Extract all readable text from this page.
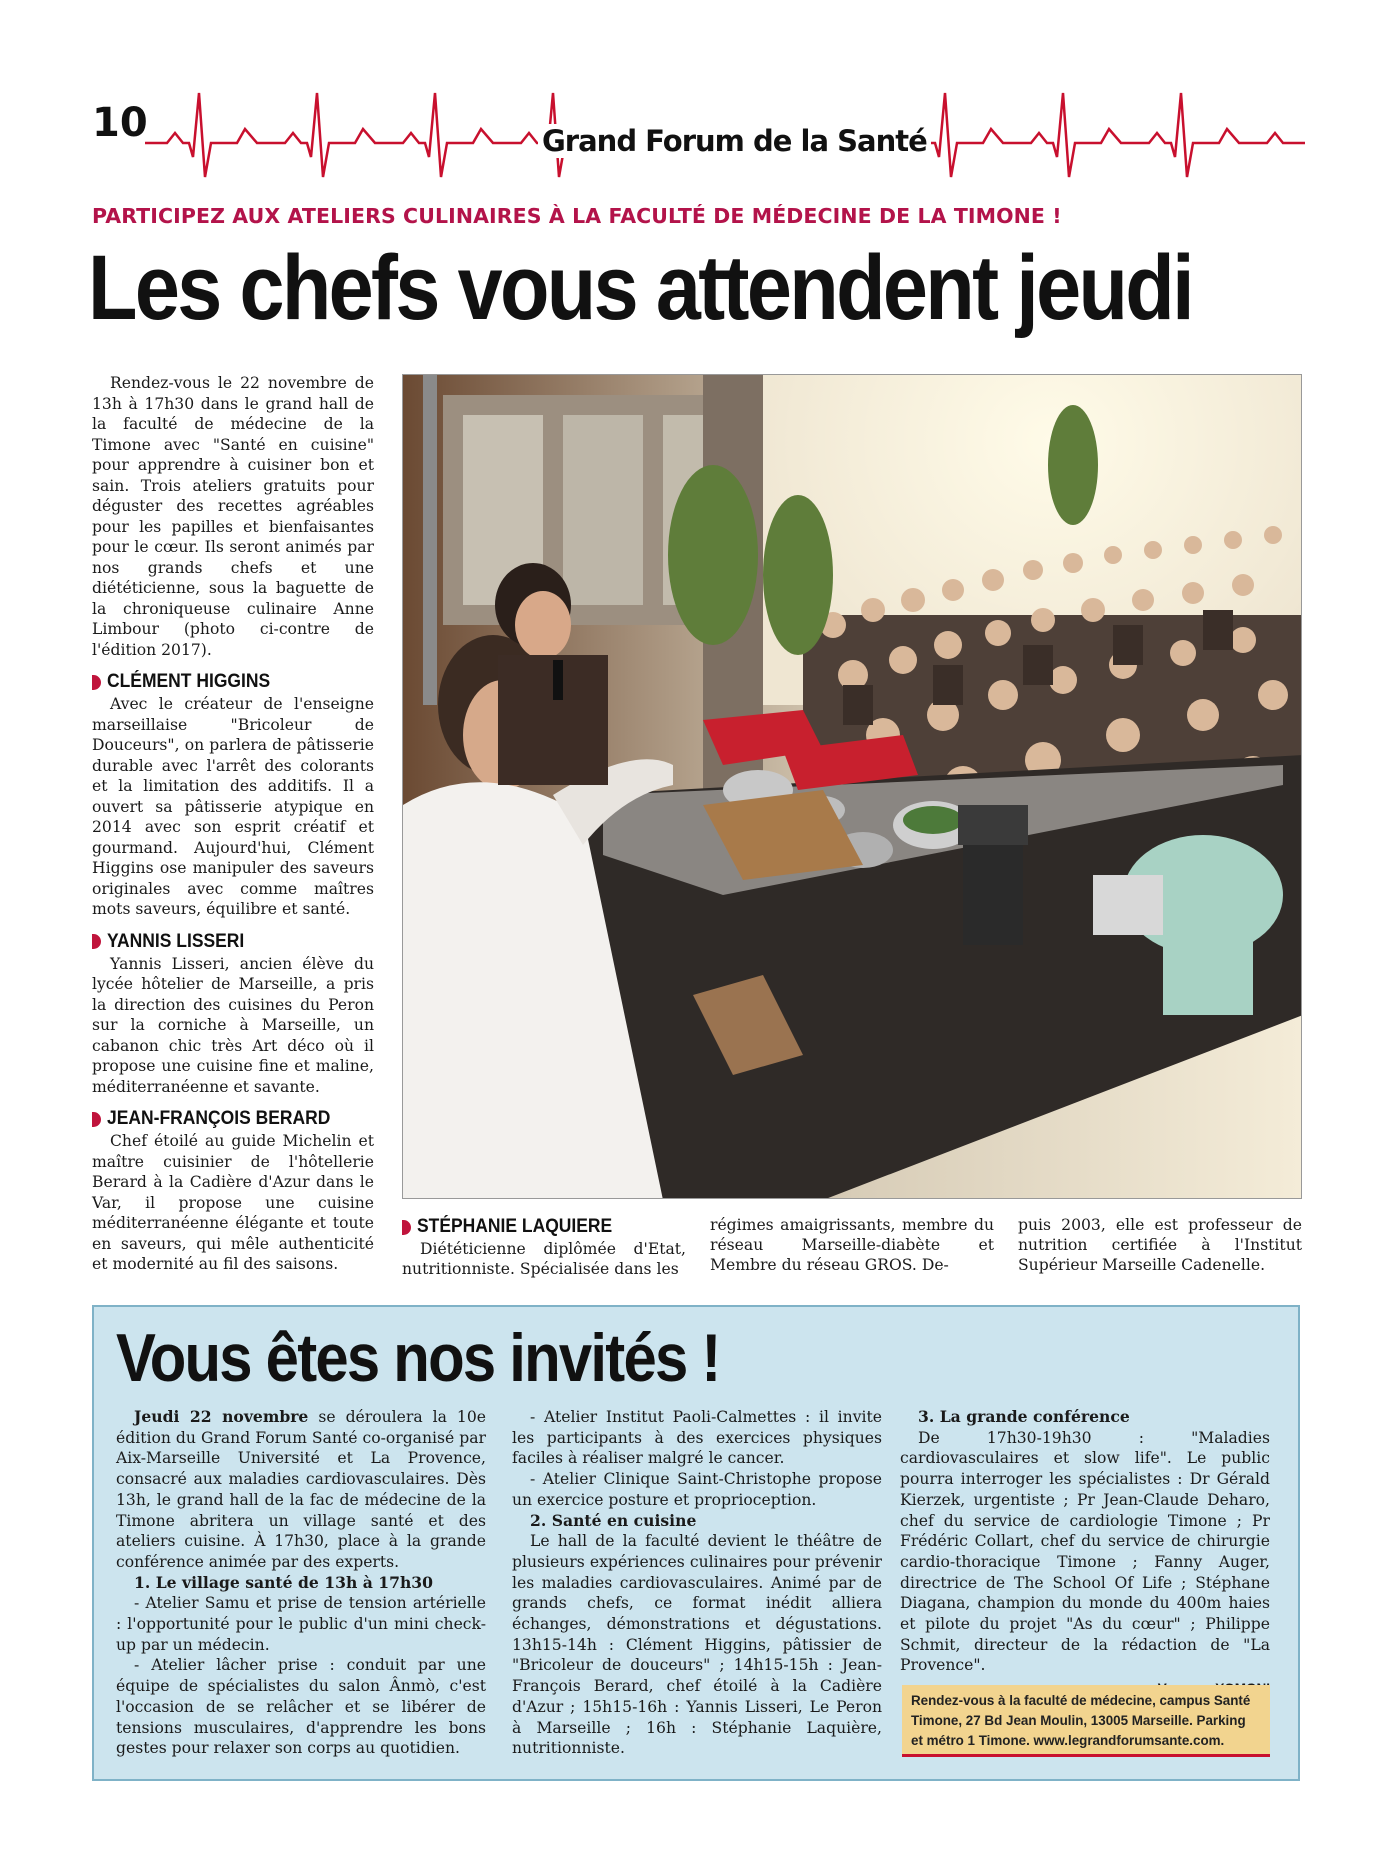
10	Grand Forum de la Santé
PARTICIPEZ AUX ATELIERS CULINAIRES À LA FACULTÉ DE MÉDECINE DE LA TIMONE !
Les chefs vous attendent jeudi

Rendez-vous le 22 novembre de 13h à 17h30 dans le grand hall de la faculté de médecine de la Timone avec "Santé en cuisine" pour apprendre à cuisiner bon et sain. Trois ateliers gratuits pour déguster des recettes agréables pour les papilles et bienfaisantes pour le cœur. Ils seront animés par nos grands chefs et une diététicienne, sous la baguette de la chroniqueuse culinaire Anne Limbour (photo ci-contre de l'édition 2017).

CLÉMENT HIGGINS

Avec le créateur de l'enseigne marseillaise "Bricoleur de Douceurs", on parlera de pâtisserie durable avec l'arrêt des colorants et la limitation des additifs. Il a ouvert sa pâtisserie atypique en 2014 avec son esprit créatif et gourmand. Aujourd'hui, Clément Higgins ose manipuler des saveurs originales avec comme maîtres mots saveurs, équilibre et santé.

YANNIS LISSERI

Yannis Lisseri, ancien élève du lycée hôtelier de Marseille, a pris la direction des cuisines du Peron sur la corniche à Marseille, un cabanon chic très Art déco où il propose une cuisine fine et maline, méditerranéenne et savante.

JEAN-FRANÇOIS BERARD

Chef étoilé au guide Michelin et maître cuisinier de l'hôtellerie Berard à la Cadière d'Azur dans le Var, il propose une cuisine méditerranéenne élégante et toute en saveurs, qui mêle authenticité et modernité au fil des saisons.

STÉPHANIE LAQUIERE

Diététicienne diplômée d'Etat, nutritionniste. Spécialisée dans les

régimes amaigrissants, membre du réseau Marseille-diabète et Membre du réseau GROS. De-

puis 2003, elle est professeur de nutrition certifiée à l'Institut Supérieur Marseille Cadenelle.

Vous êtes nos invités !

Jeudi 22 novembre se déroulera la 10e édition du Grand Forum Santé co-organisé par Aix-Marseille Université et La Provence, consacré aux maladies cardiovasculaires. Dès 13h, le grand hall de la fac de médecine de la Timone abritera un village santé et des ateliers cuisine. À 17h30, place à la grande conférence animée par des experts.

1. Le village santé de 13h à 17h30

- Atelier Samu et prise de tension artérielle : l'opportunité pour le public d'un mini check-up par un médecin.

- Atelier lâcher prise : conduit par une équipe de spécialistes du salon Ânmò, c'est l'occasion de se relâcher et se libérer de tensions musculaires, d'apprendre les bons gestes pour relaxer son corps au quotidien.

- Atelier Institut Paoli-Calmettes : il invite les participants à des exercices physiques faciles à réaliser malgré le cancer.

- Atelier Clinique Saint-Christophe propose un exercice posture et proprioception.

2. Santé en cuisine

Le hall de la faculté devient le théâtre de plusieurs expériences culinaires pour prévenir les maladies cardiovasculaires. Animé par de grands chefs, ce format inédit alliera échanges, démonstrations et dégustations. 13h15-14h : Clément Higgins, pâtissier de "Bricoleur de douceurs" ; 14h15-15h : Jean-François Berard, chef étoilé à la Cadière d'Azur ; 15h15-16h : Yannis Lisseri, Le Peron à Marseille ; 16h : Stéphanie Laquière, nutritionniste.

3. La grande conférence

De 17h30-19h30 : "Maladies cardiovasculaires et slow life". Le public pourra interroger les spécialistes : Dr Gérald Kierzek, urgentiste ; Pr Jean-Claude Deharo, chef du service de cardiologie Timone ; Pr Frédéric Collart, chef du service de chirurgie cardio-thoracique Timone ; Fanny Auger, directrice de The School Of Life ; Stéphane Diagana, champion du monde du 400m haies et pilote du projet "As du cœur" ; Philippe Schmit, directeur de la rédaction de "La Provence".

Rendez-vous à la faculté de médecine, campus Santé Timone, 27 Bd Jean Moulin, 13005 Marseille. Parking et métro 1 Timone. www.legrandforumsante.com.
